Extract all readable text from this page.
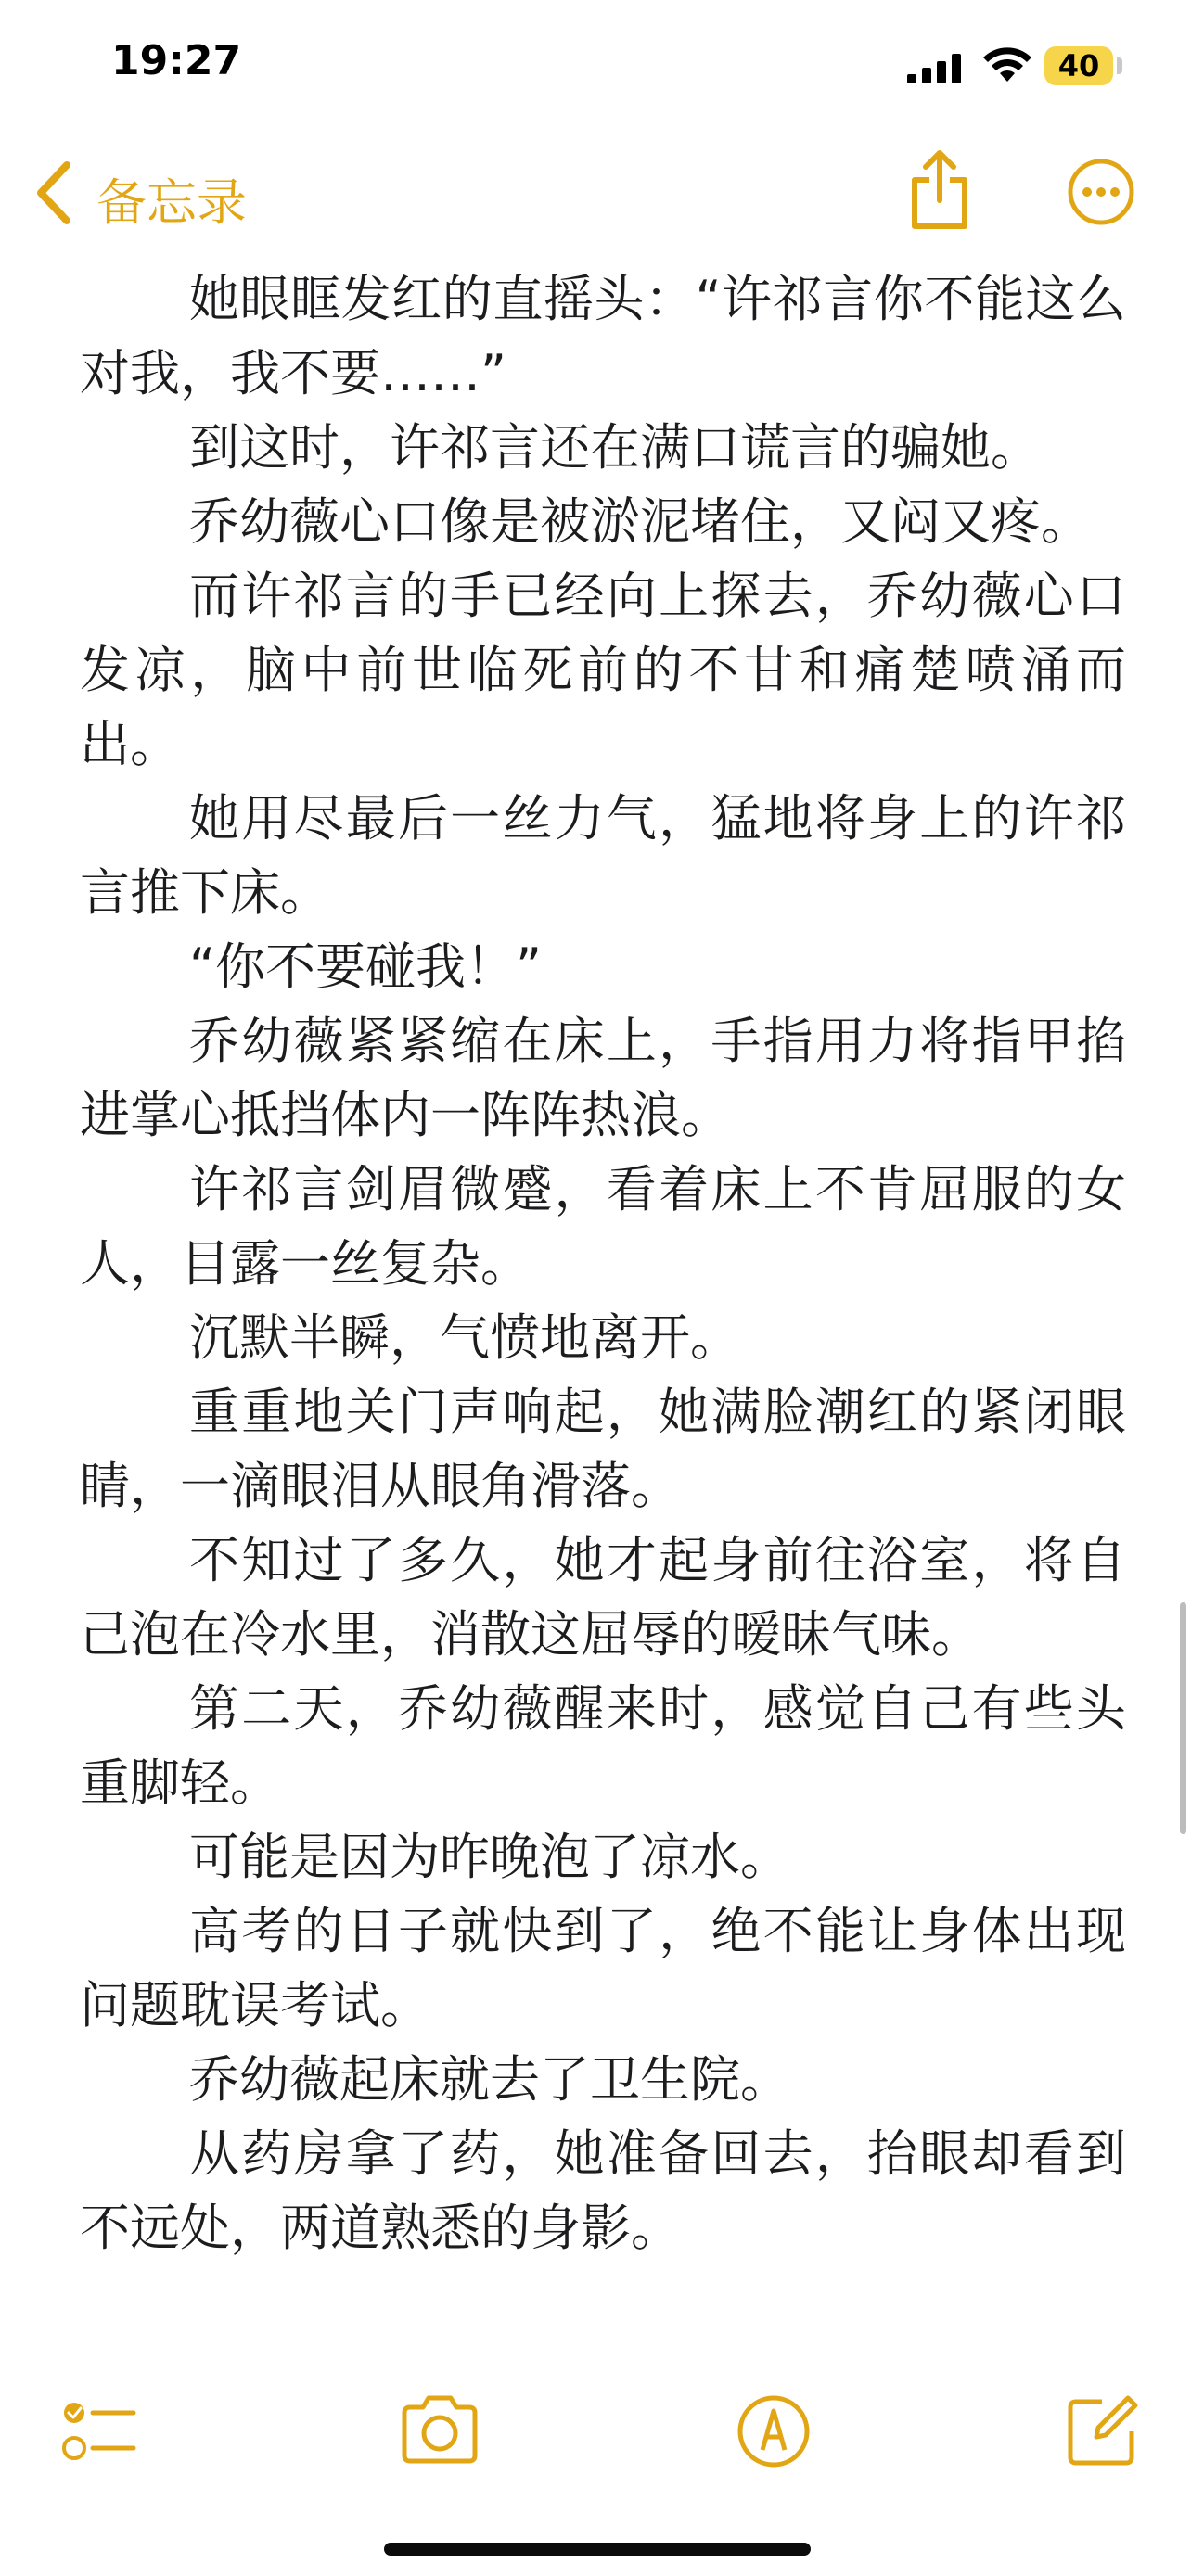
19:27	40
备忘录

她眼眶发红的直摇头：“许祁言你不能这么对我，我不要……”

到这时，许祁言还在满口谎言的骗她。

乔幼薇心口像是被淤泥堵住，又闷又疼。

而许祁言的手已经向上探去，乔幼薇心口发凉，脑中前世临死前的不甘和痛楚喷涌而出。

她用尽最后一丝力气，猛地将身上的许祁言推下床。

“你不要碰我！”

乔幼薇紧紧缩在床上，手指用力将指甲掐进掌心抵挡体内一阵阵热浪。

许祁言剑眉微蹙，看着床上不肯屈服的女人，目露一丝复杂。

沉默半瞬，气愤地离开。

重重地关门声响起，她满脸潮红的紧闭眼睛，一滴眼泪从眼角滑落。

不知过了多久，她才起身前往浴室，将自己泡在冷水里，消散这屈辱的暧昧气味。

第二天，乔幼薇醒来时，感觉自己有些头重脚轻。

可能是因为昨晚泡了凉水。

高考的日子就快到了，绝不能让身体出现问题耽误考试。

乔幼薇起床就去了卫生院。

从药房拿了药，她准备回去，抬眼却看到不远处，两道熟悉的身影。
